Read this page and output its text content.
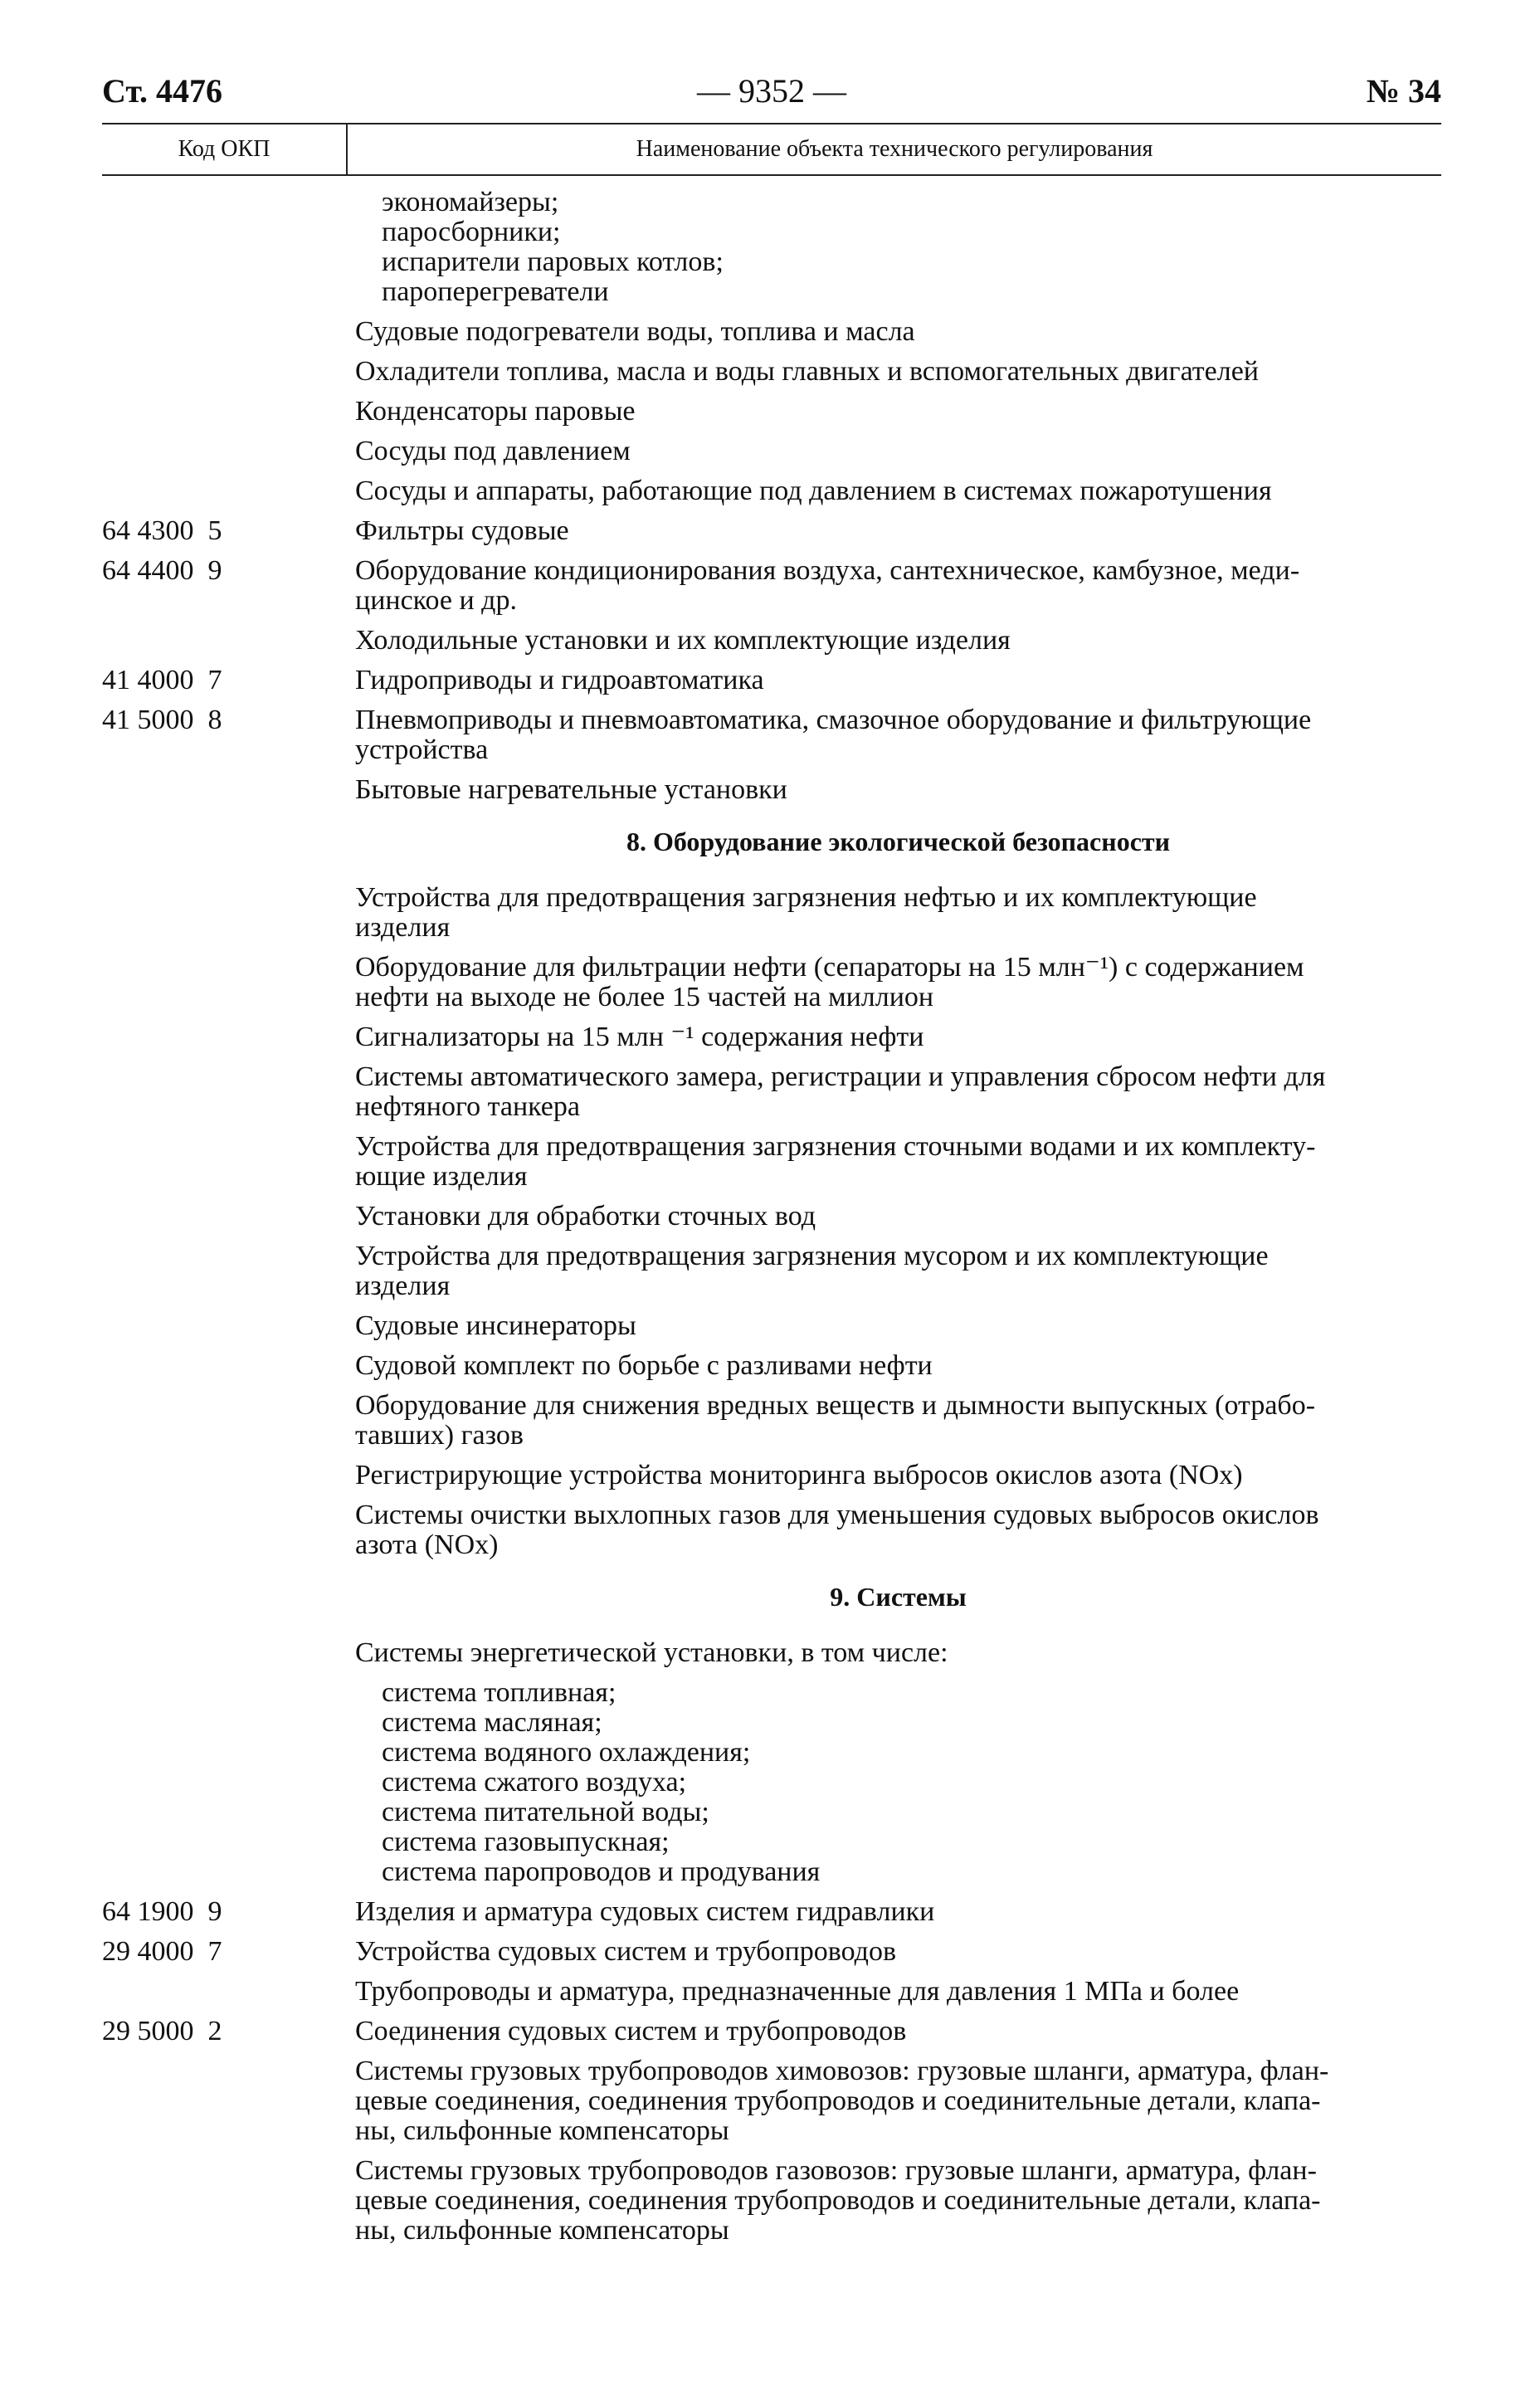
Ст. 4476	— 9352 —	№ 34
Код ОКП	Наименование объекта технического регулирования
экономайзеры;
паросборники;
испарители паровых котлов;
пароперегреватели
Судовые подогреватели воды, топлива и масла
Охладители топлива, масла и воды главных и вспомогательных двигателей
Конденсаторы паровые
Сосуды под давлением
Сосуды и аппараты, работающие под давлением в системах пожаротушения
64 4300  5	Фильтры судовые
64 4400  9	Оборудование кондиционирования воздуха, сантехническое, камбузное, меди-
цинское и др.
Холодильные установки и их комплектующие изделия
41 4000  7	Гидроприводы и гидроавтоматика
41 5000  8	Пневмоприводы и пневмоавтоматика, смазочное оборудование и фильтрующие
устройства
Бытовые нагревательные установки
8. Оборудование экологической безопасности
Устройства для предотвращения загрязнения нефтью и их комплектующие
изделия
Оборудование для фильтрации нефти (сепараторы на 15 млн⁻¹) с содержанием
нефти на выходе не более 15 частей на миллион
Сигнализаторы на 15 млн ⁻¹ содержания нефти
Системы автоматического замера, регистрации и управления сбросом нефти для
нефтяного танкера
Устройства для предотвращения загрязнения сточными водами и их комплекту-
ющие изделия
Установки для обработки сточных вод
Устройства для предотвращения загрязнения мусором и их комплектующие
изделия
Судовые инсинераторы
Судовой комплект по борьбе с разливами нефти
Оборудование для снижения вредных веществ и дымности выпускных (отрабо-
тавших) газов
Регистрирующие устройства мониторинга выбросов окислов азота (NOx)
Системы очистки выхлопных газов для уменьшения судовых выбросов окислов
азота (NOx)
9. Системы
Системы энергетической установки, в том числе:
система топливная;
система масляная;
система водяного охлаждения;
система сжатого воздуха;
система питательной воды;
система газовыпускная;
система паропроводов и продувания
64 1900  9	Изделия и арматура судовых систем гидравлики
29 4000  7	Устройства судовых систем и трубопроводов
Трубопроводы и арматура, предназначенные для давления 1 МПа и более
29 5000  2	Соединения судовых систем и трубопроводов
Системы грузовых трубопроводов химовозов: грузовые шланги, арматура, флан-
цевые соединения, соединения трубопроводов и соединительные детали, клапа-
ны, сильфонные компенсаторы
Системы грузовых трубопроводов газовозов: грузовые шланги, арматура, флан-
цевые соединения, соединения трубопроводов и соединительные детали, клапа-
ны, сильфонные компенсаторы
